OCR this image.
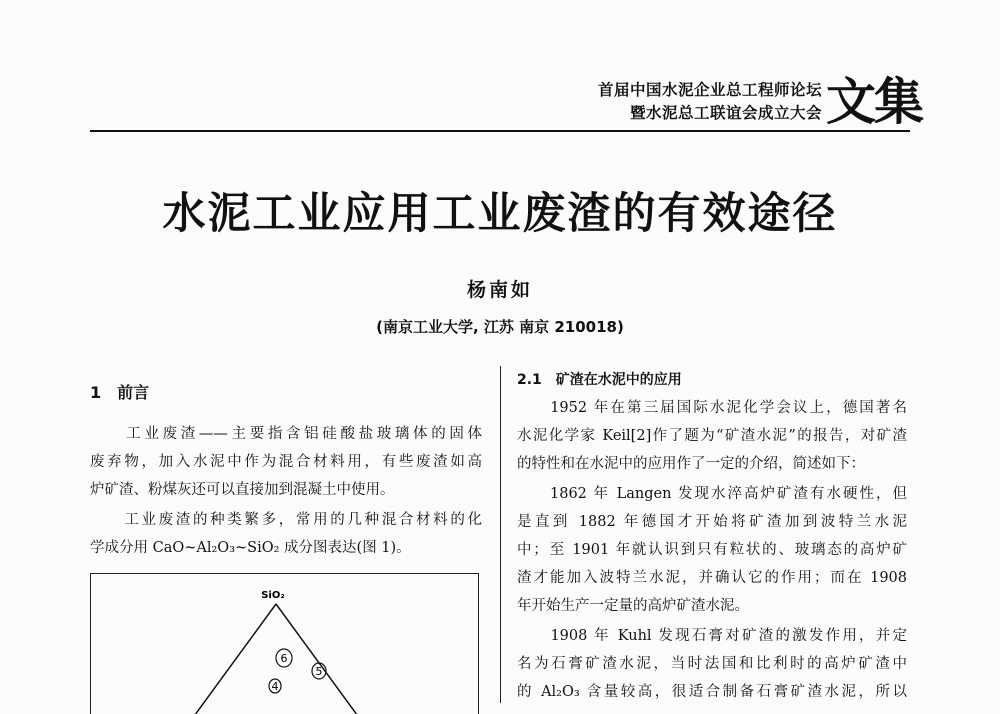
首届中国水泥企业总工程师论坛
暨水泥总工联谊会成立大会 文集
水泥工业应用工业废渣的有效途径
杨南如
(南京工业大学, 江苏 南京 210018)
1　前言
　　工业废渣——主要指含铝硅酸盐玻璃体的固体
废弃物，加入水泥中作为混合材料用，有些废渣如高
炉矿渣、粉煤灰还可以直接加到混凝土中使用。
　　工业废渣的种类繁多，常用的几种混合材料的化
学成分用 CaO~Al₂O₃~SiO₂ 成分图表达(图 1)。
SiO₂
6
5
4
2.1　矿渣在水泥中的应用
　　1952 年在第三届国际水泥化学会议上，德国著名
水泥化学家 Keil[2]作了题为“矿渣水泥”的报告，对矿渣
的特性和在水泥中的应用作了一定的介绍，简述如下：
　　1862 年 Langen 发现水淬高炉矿渣有水硬性，但
是直到 1882 年德国才开始将矿渣加到波特兰水泥
中；至 1901 年就认识到只有粒状的、玻璃态的高炉矿
渣才能加入波特兰水泥，并确认它的作用；而在 1908
年开始生产一定量的高炉矿渣水泥。
　　1908 年 Kuhl 发现石膏对矿渣的激发作用，并定
名为石膏矿渣水泥，当时法国和比利时的高炉矿渣中
的 Al₂O₃ 含量较高，很适合制备石膏矿渣水泥，所以
